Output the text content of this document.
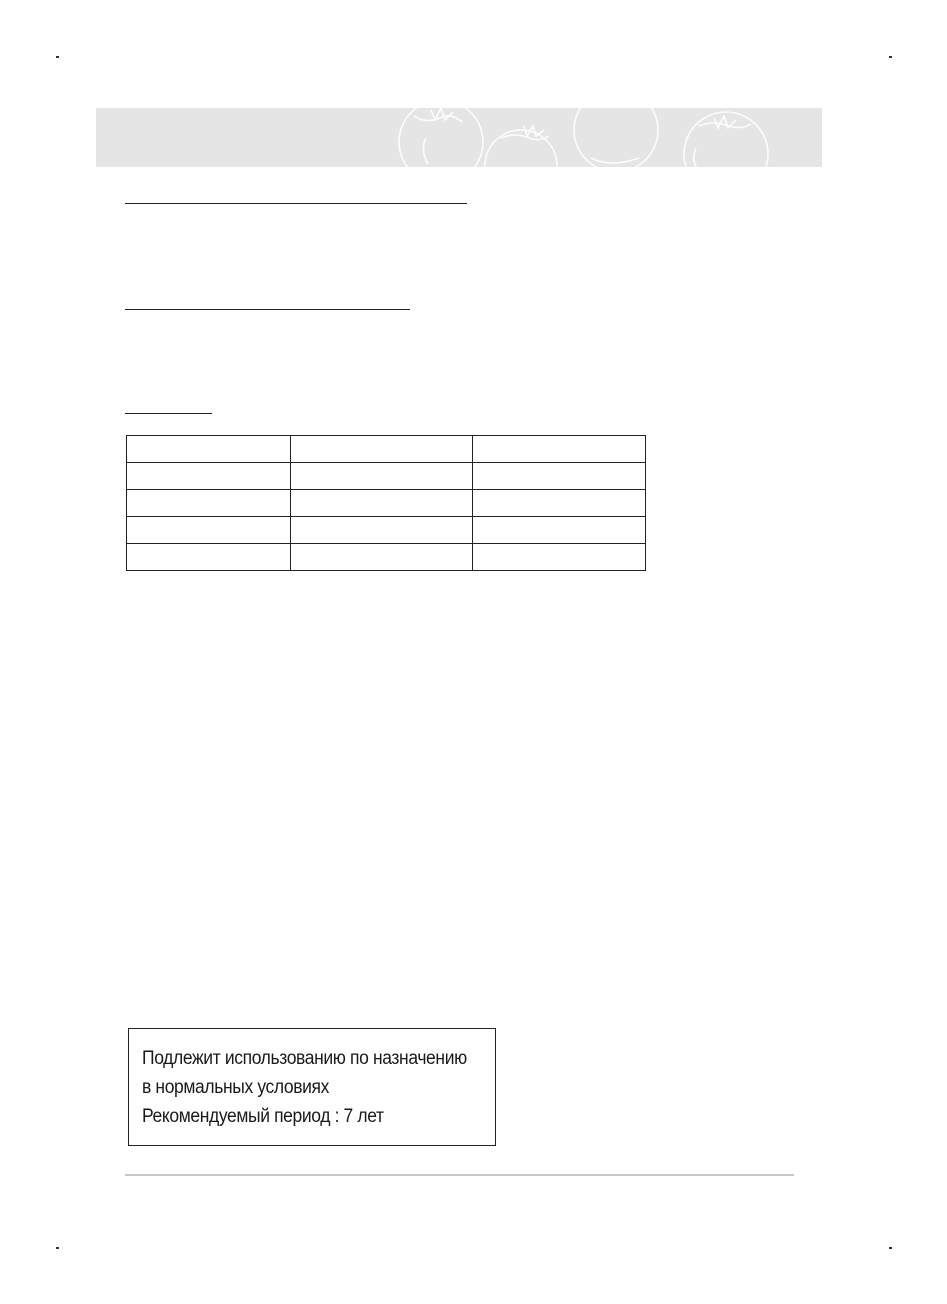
Подлежит использованию по назначению
в нормальных условиях
Рекомендуемый период : 7 лет
